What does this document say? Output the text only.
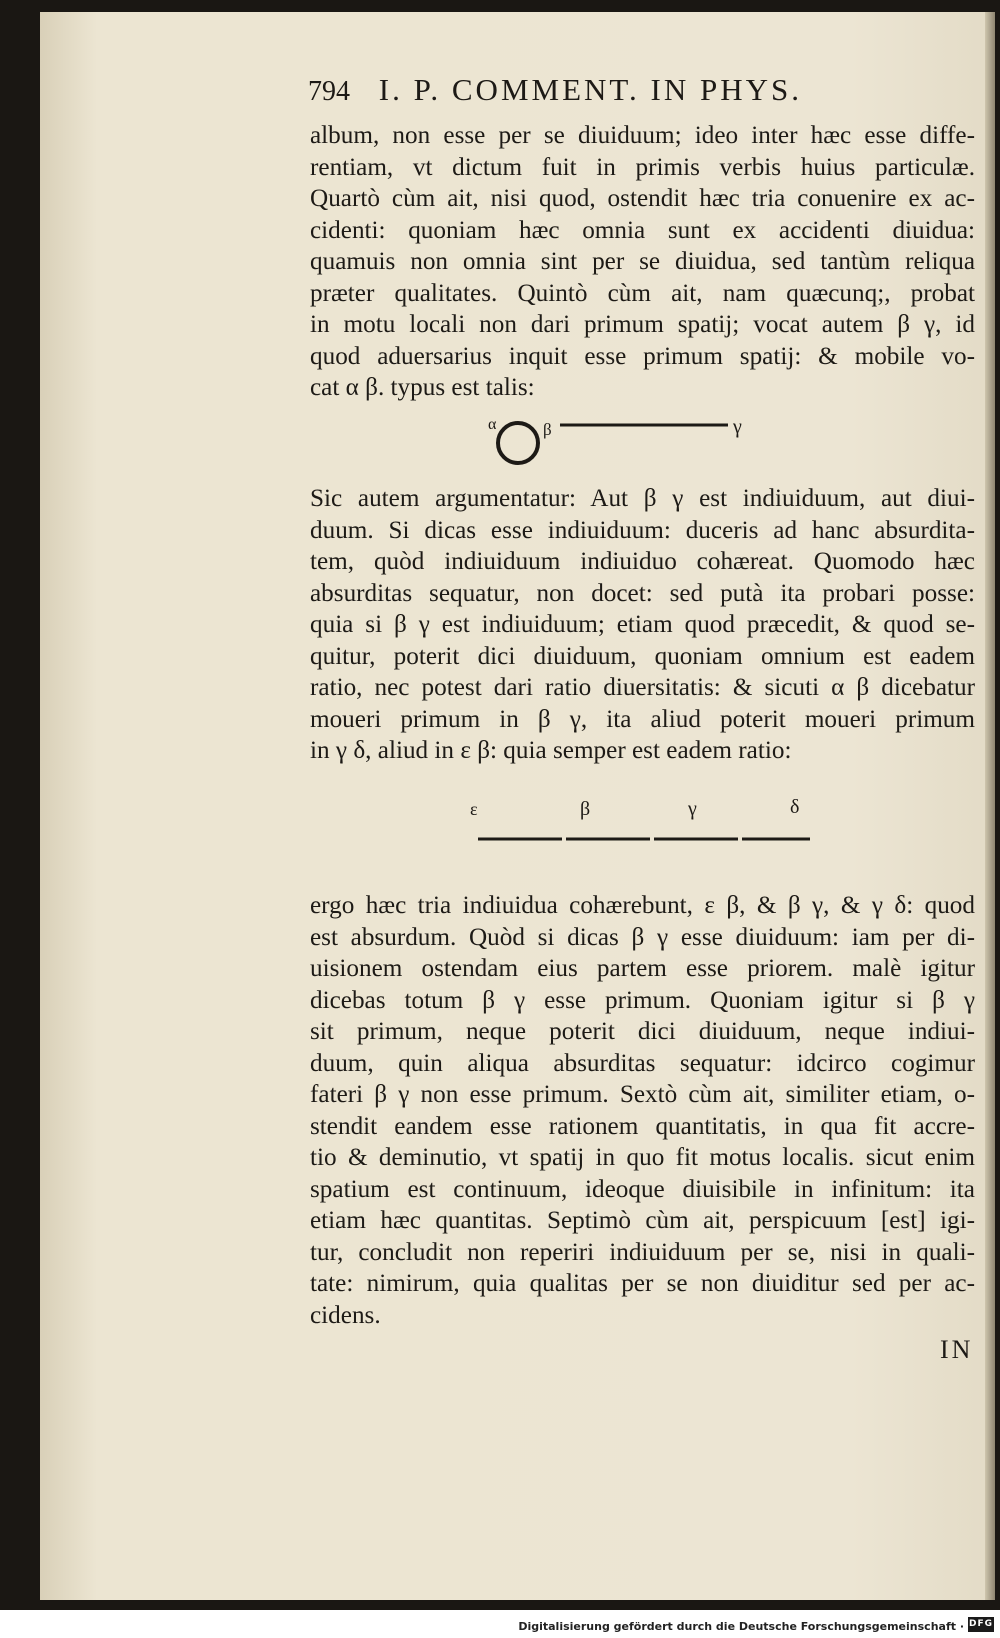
794 I. P. COMMENT. IN PHYS.
album, non esse per se diuiduum; ideo inter hæc esse diffe-
rentiam, vt dictum fuit in primis verbis huius particulæ.
Quartò cùm ait, nisi quod, ostendit hæc tria conuenire ex ac-
cidenti: quoniam hæc omnia sunt ex accidenti diuidua:
quamuis non omnia sint per se diuidua, sed tantùm reliqua
præter qualitates. Quintò cùm ait, nam quæcunq;, probat
in motu locali non dari primum spatij; vocat autem β γ, id
quod aduersarius inquit esse primum spatij: & mobile vo-
cat α β. typus est talis:
α	β	γ
Sic autem argumentatur: Aut β γ est indiuiduum, aut diui-
duum. Si dicas esse indiuiduum: duceris ad hanc absurdita-
tem, quòd indiuiduum indiuiduo cohæreat. Quomodo hæc
absurditas sequatur, non docet: sed putà ita probari posse:
quia si β γ est indiuiduum; etiam quod præcedit, & quod se-
quitur, poterit dici diuiduum, quoniam omnium est eadem
ratio, nec potest dari ratio diuersitatis: & sicuti α β dicebatur
moueri primum in β γ, ita aliud poterit moueri primum
in γ δ, aliud in ε β: quia semper est eadem ratio:
ε	β	γ	δ
ergo hæc tria indiuidua cohærebunt, ε β, & β γ, & γ δ: quod
est absurdum. Quòd si dicas β γ esse diuiduum: iam per di-
uisionem ostendam eius partem esse priorem. malè igitur
dicebas totum β γ esse primum. Quoniam igitur si β γ
sit primum, neque poterit dici diuiduum, neque indiui-
duum, quin aliqua absurditas sequatur: idcirco cogimur
fateri β γ non esse primum. Sextò cùm ait, similiter etiam, o-
stendit eandem esse rationem quantitatis, in qua fit accre-
tio & deminutio, vt spatij in quo fit motus localis. sicut enim
spatium est continuum, ideoque diuisibile in infinitum: ita
etiam hæc quantitas. Septimò cùm ait, perspicuum [est] igi-
tur, concludit non reperiri indiuiduum per se, nisi in quali-
tate: nimirum, quia qualitas per se non diuiditur sed per ac-
cidens.
IN
Digitalisierung gefördert durch die Deutsche Forschungsgemeinschaft · DFG
